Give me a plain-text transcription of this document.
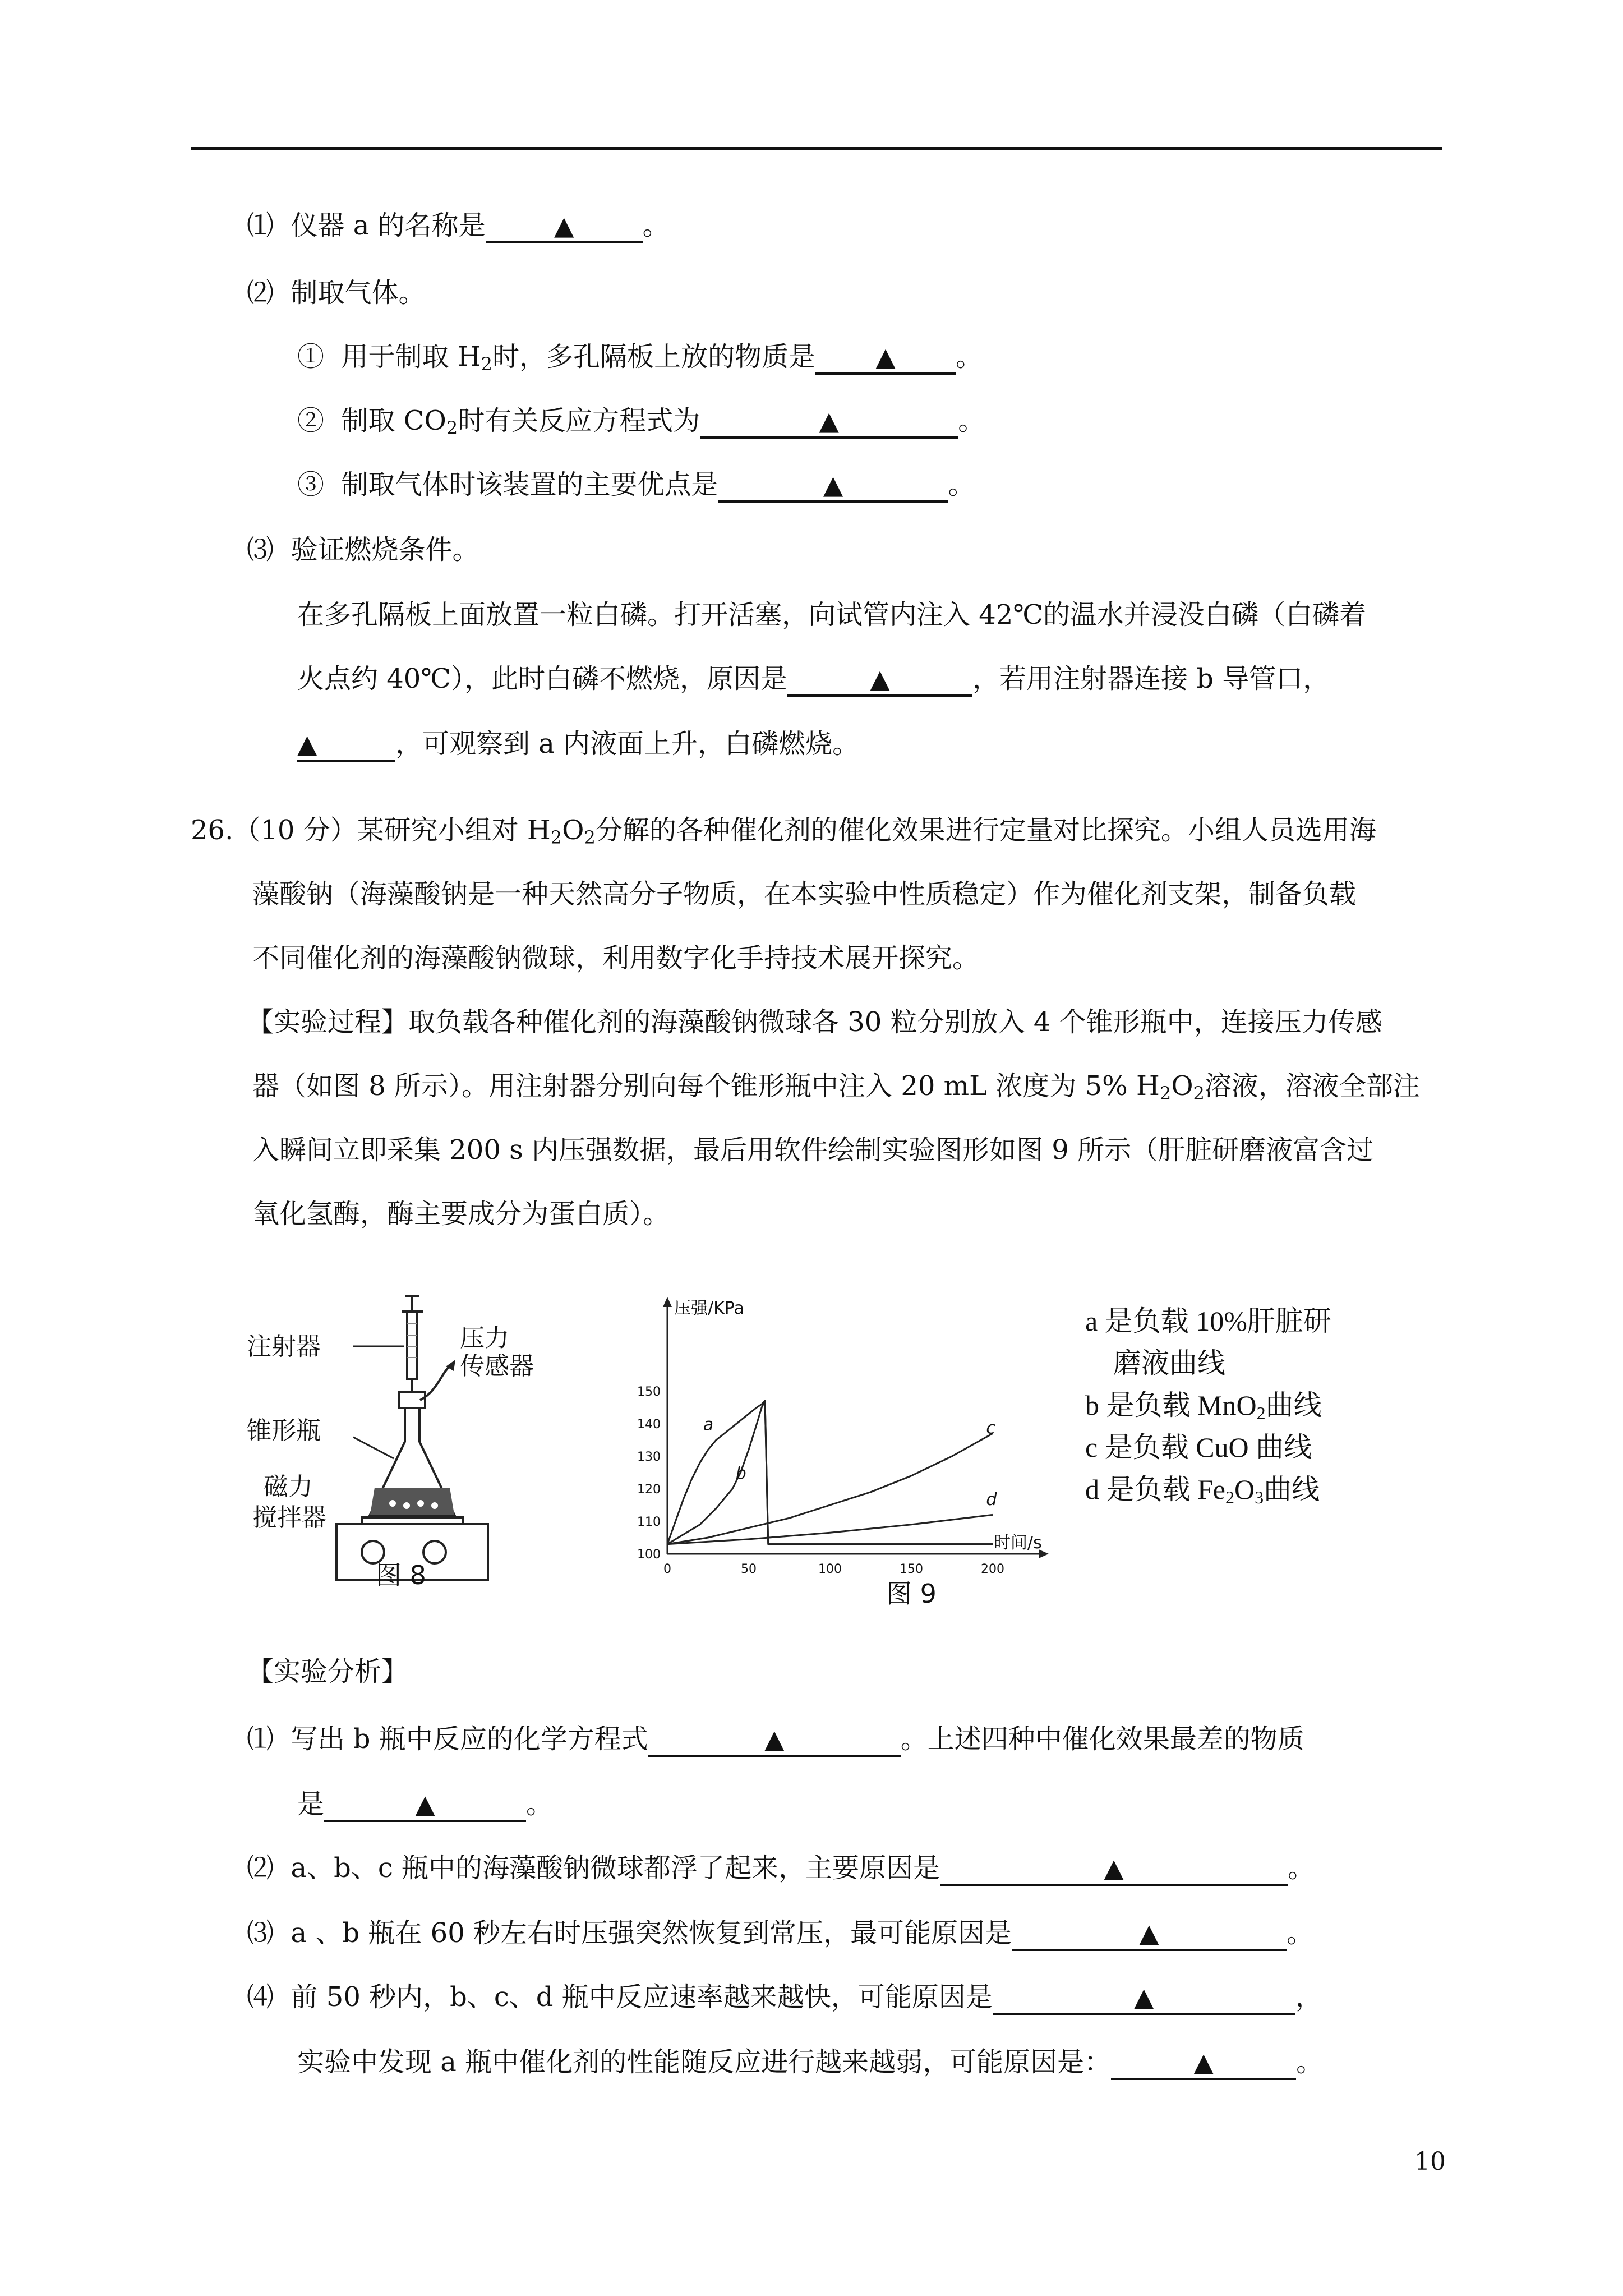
⑴ 仪器 a 的名称是	▲	。
⑵ 制取气体。
① 用于制取 $H_2$时，多孔隔板上放的物质是 ▲ 。
② 制取 $CO_2$时有关反应方程式为	▲	。
③ 制取气体时该装置的主要优点是	▲	。
⑶ 验证燃烧条件。
在多孔隔板上面放置一粒白磷。打开活塞，向试管内注入 42℃的温水并浸没白磷（白磷着
火点约 40℃），此时白磷不燃烧，原因是	▲	，若用注射器连接 b 导管口，
▲	，可观察到 a 内液面上升，白磷燃烧。
26.（10 分）某研究小组对 $H_2O_2$分解的各种催化剂的催化效果进行定量对比探究。小组人员选用海
藻酸钠（海藻酸钠是一种天然高分子物质，在本实验中性质稳定）作为催化剂支架，制备负载
不同催化剂的海藻酸钠微球，利用数字化手持技术展开探究。
【实验过程】取负载各种催化剂的海藻酸钠微球各 30 粒分别放入 4 个锥形瓶中，连接压力传感
器（如图 8 所示）。用注射器分别向每个锥形瓶中注入 20 mL 浓度为 5% $H_2O_2$溶液，溶液全部注
入瞬间立即采集 200 s 内压强数据，最后用软件绘制实验图形如图 9 所示（肝脏研磨液富含过
氧化氢酶，酶主要成分为蛋白质）。
注射器	压力
传感器
锥形瓶
磁力
搅拌器
图 8
压强/KPa
时间/s
100
110
120
130
140
150
0	50	100	150	200
a
b
c
d
图 9
a 是负载 10%肝脏研
磨液曲线
b 是负载 MnO$_2$曲线
c 是负载 CuO 曲线
d 是负载 $Fe_2O_3$曲线
【实验分析】
⑴ 写出 b 瓶中反应的化学方程式	▲	。上述四种中催化效果最差的物质
是	▲	。
⑵ a、b、c 瓶中的海藻酸钠微球都浮了起来，主要原因是	▲	。
⑶ a 、b 瓶在 60 秒左右时压强突然恢复到常压，最可能原因是	▲	。
⑷ 前 50 秒内，b、c、d 瓶中反应速率越来越快，可能原因是	▲	，
实验中发现 a 瓶中催化剂的性能随反应进行越来越弱，可能原因是：	▲	。
10
